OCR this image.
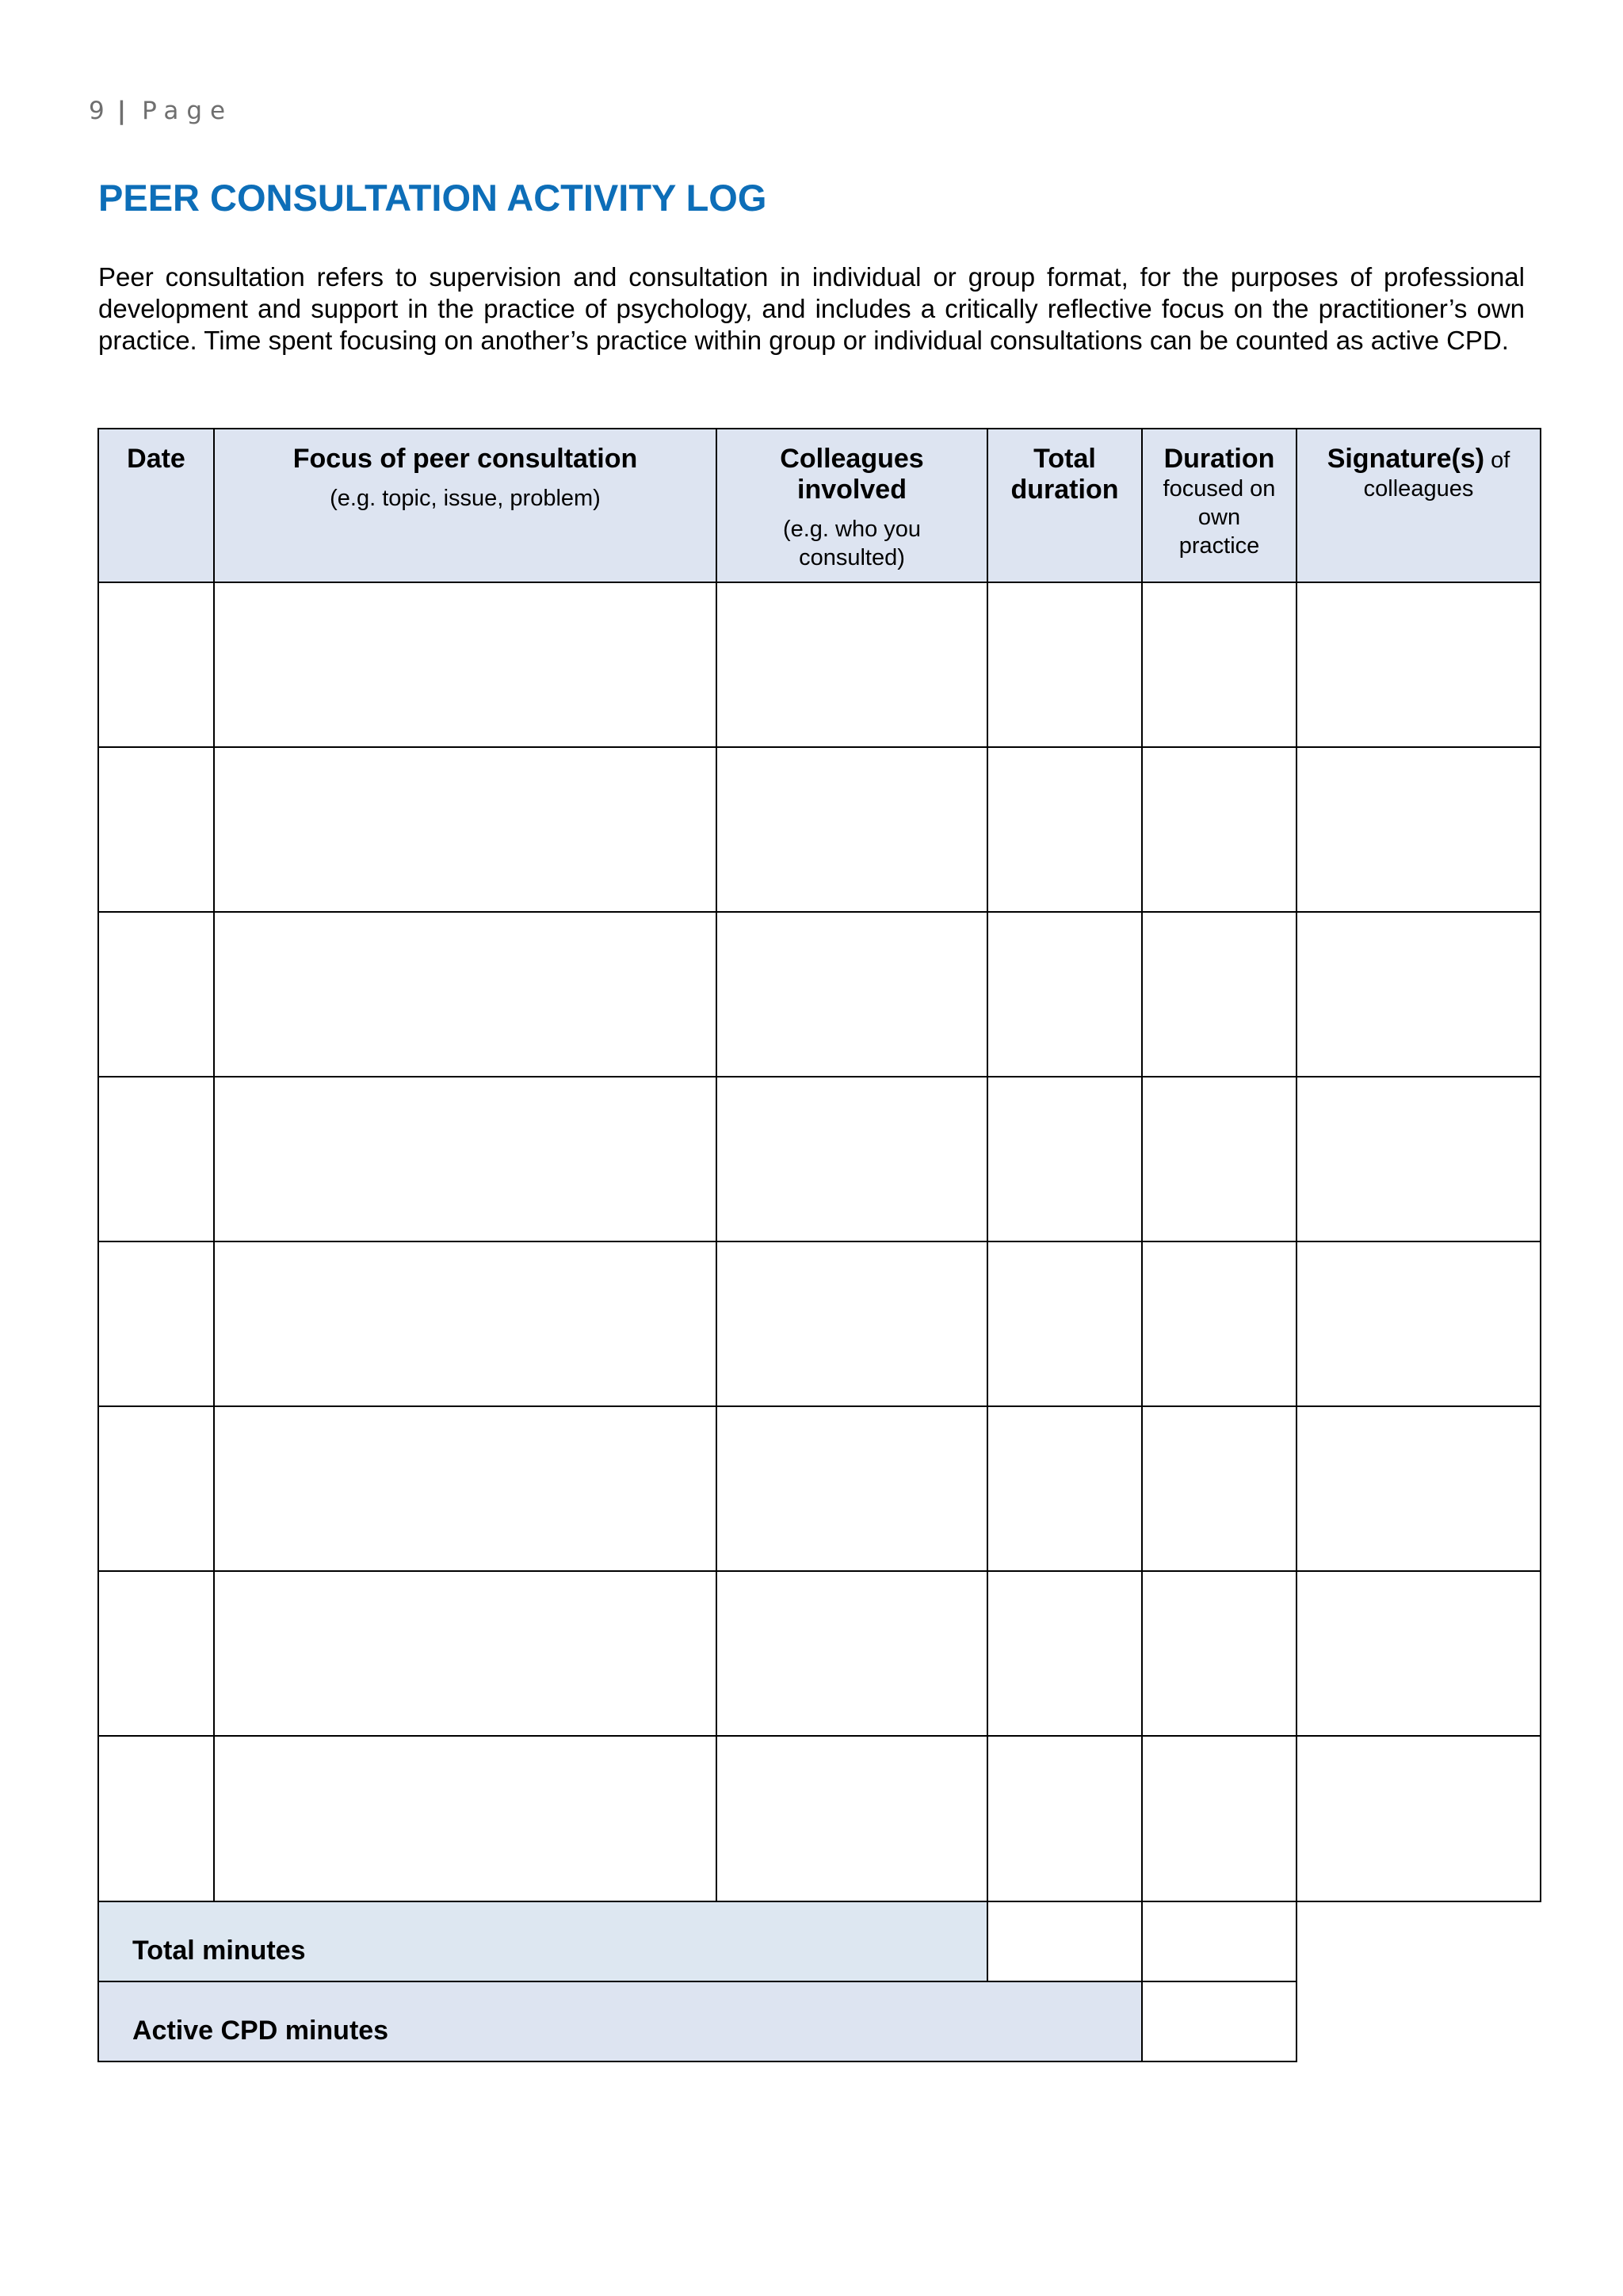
9 | Page
PEER CONSULTATION ACTIVITY LOG

Peer consultation refers to supervision and consultation in individual or group format, for the purposes of professional development and support in the practice of psychology, and includes a critically reflective focus on the practitioner’s own practice. Time spent focusing on another’s practice within group or individual consultations can be counted as active CPD.

Date	Focus of peer consultation
(e.g. topic, issue, problem)
Colleagues
involved
(e.g. who you
consulted)
Total
duration
Duration
focused on
own
practice
Signature(s) of
colleagues
Total minutes
Active CPD minutes
